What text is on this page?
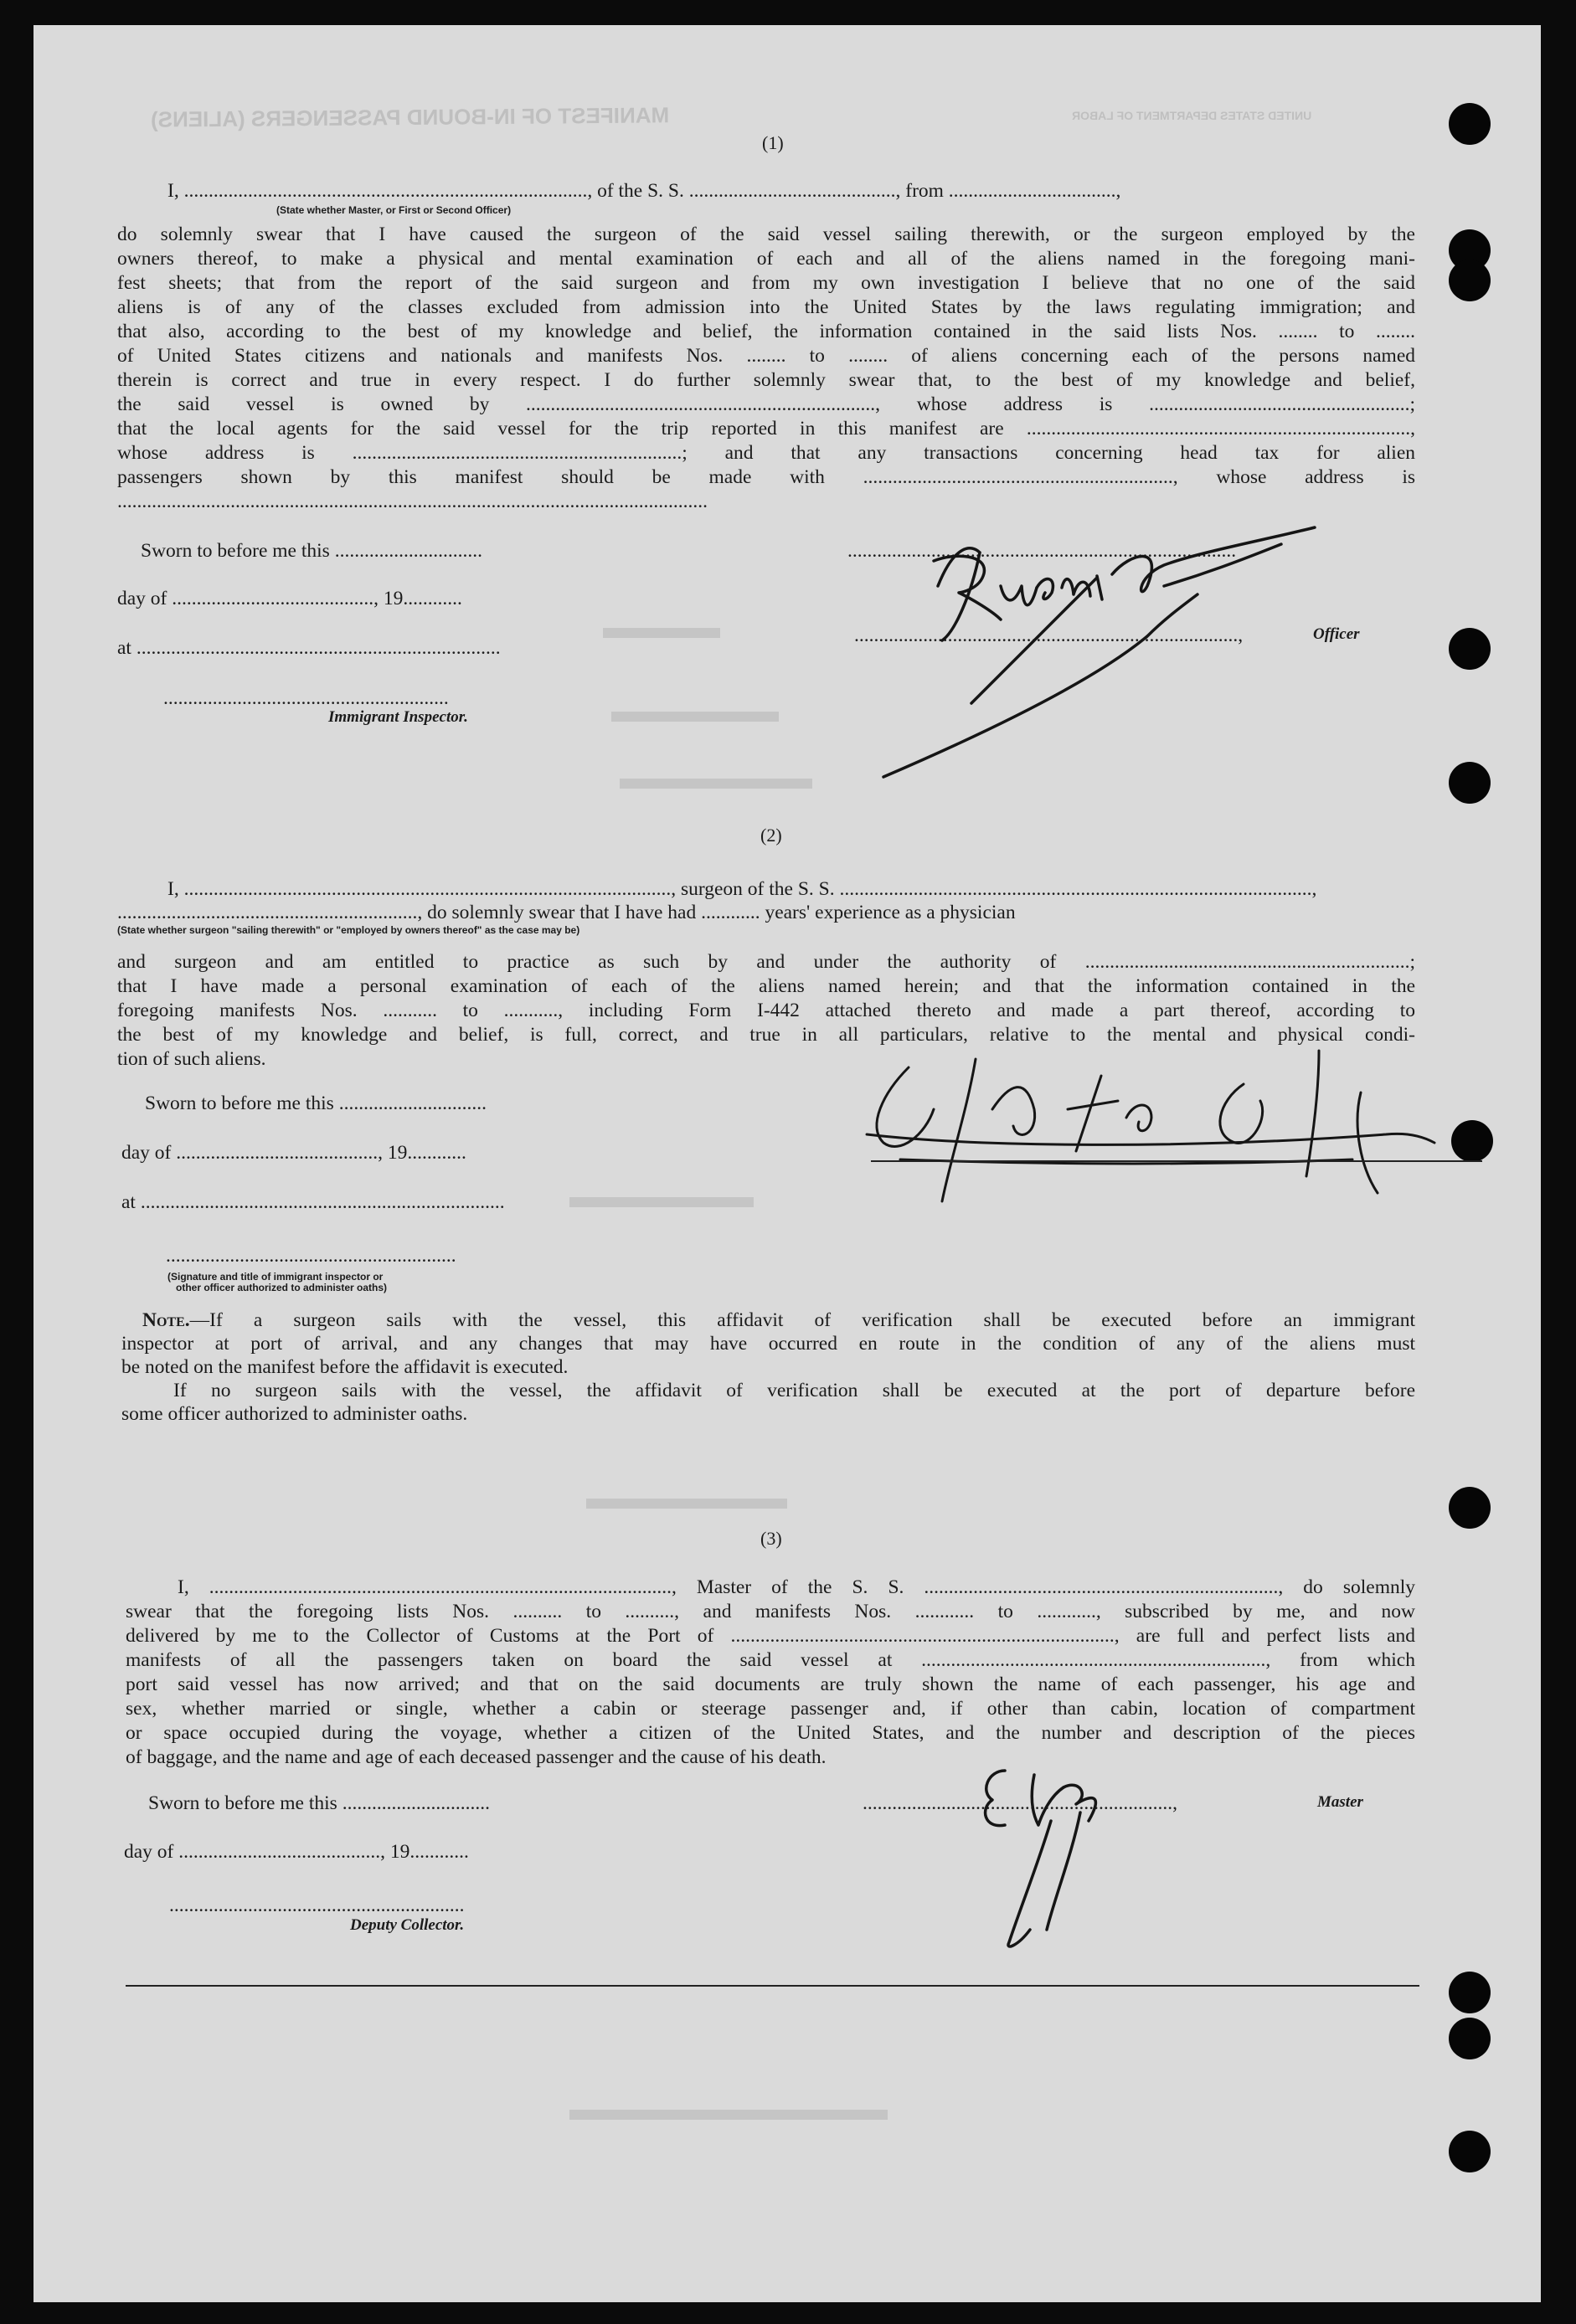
MANIFEST OF IN-BOUND PASSENGERS (ALIENS)	UNITED STATES DEPARTMENT OF LABOR
(1)
I, .................................................................................., of the S. S. .........................................., from ..................................,
(State whether Master, or First or Second Officer)
do solemnly swear that I have caused the surgeon of the said vessel sailing therewith, or the surgeon employed by the
owners thereof, to make a physical and mental examination of each and all of the aliens named in the foregoing mani-
fest sheets; that from the report of the said surgeon and from my own investigation I believe that no one of the said
aliens is of any of the classes excluded from admission into the United States by the laws regulating immigration; and
that also, according to the best of my knowledge and belief, the information contained in the said lists Nos. ........ to ........
of United States citizens and nationals and manifests Nos. ........ to ........ of aliens concerning each of the persons named
therein is correct and true in every respect. I do further solemnly swear that, to the best of my knowledge and belief,
the said vessel is owned by ......................................................................., whose address is .....................................................;
that the local agents for the said vessel for the trip reported in this manifest are ..............................................................................,
whose address is ...................................................................; and that any transactions concerning head tax for alien
passengers shown by this manifest should be made with ..............................................................., whose address is
........................................................................................................................
Sworn to before me this ..............................
day of ........................................., 19............
at ..........................................................................
..........................................................
Immigrant Inspector.
...............................................................................
..............................................................................,	Officer
(2)
I, ..................................................................................................., surgeon of the S. S. ................................................................................................,
............................................................., do solemnly swear that I have had ............ years' experience as a physician
(State whether surgeon "sailing therewith" or "employed by owners thereof" as the case may be)
and surgeon and am entitled to practice as such by and under the authority of ..................................................................;
that I have made a personal examination of each of the aliens named herein; and that the information contained in the
foregoing manifests Nos. ........... to ..........., including Form I-442 attached thereto and made a part thereof, according to
the best of my knowledge and belief, is full, correct, and true in all particulars, relative to the mental and physical condi-
tion of such aliens.
Sworn to before me this ..............................
day of ........................................., 19............
at ..........................................................................
...........................................................
(Signature and title of immigrant inspector or
other officer authorized to administer oaths)
Note.—If a surgeon sails with the vessel, this affidavit of verification shall be executed before an immigrant
inspector at port of arrival, and any changes that may have occurred en route in the condition of any of the aliens must
be noted on the manifest before the affidavit is executed.
If no surgeon sails with the vessel, the affidavit of verification shall be executed at the port of departure before
some officer authorized to administer oaths.
(3)
I, .............................................................................................., Master of the S. S. ........................................................................, do solemnly
swear that the foregoing lists Nos. .......... to .........., and manifests Nos. ............ to ............, subscribed by me, and now
delivered by me to the Collector of Customs at the Port of .............................................................................., are full and perfect lists and
manifests of all the passengers taken on board the said vessel at ......................................................................, from which
port said vessel has now arrived; and that on the said documents are truly shown the name of each passenger, his age and
sex, whether married or single, whether a cabin or steerage passenger and, if other than cabin, location of compartment
or space occupied during the voyage, whether a citizen of the United States, and the number and description of the pieces
of baggage, and the name and age of each deceased passenger and the cause of his death.
Sworn to before me this ..............................
day of ........................................., 19............
............................................................
Deputy Collector.
...............................................................,	Master
